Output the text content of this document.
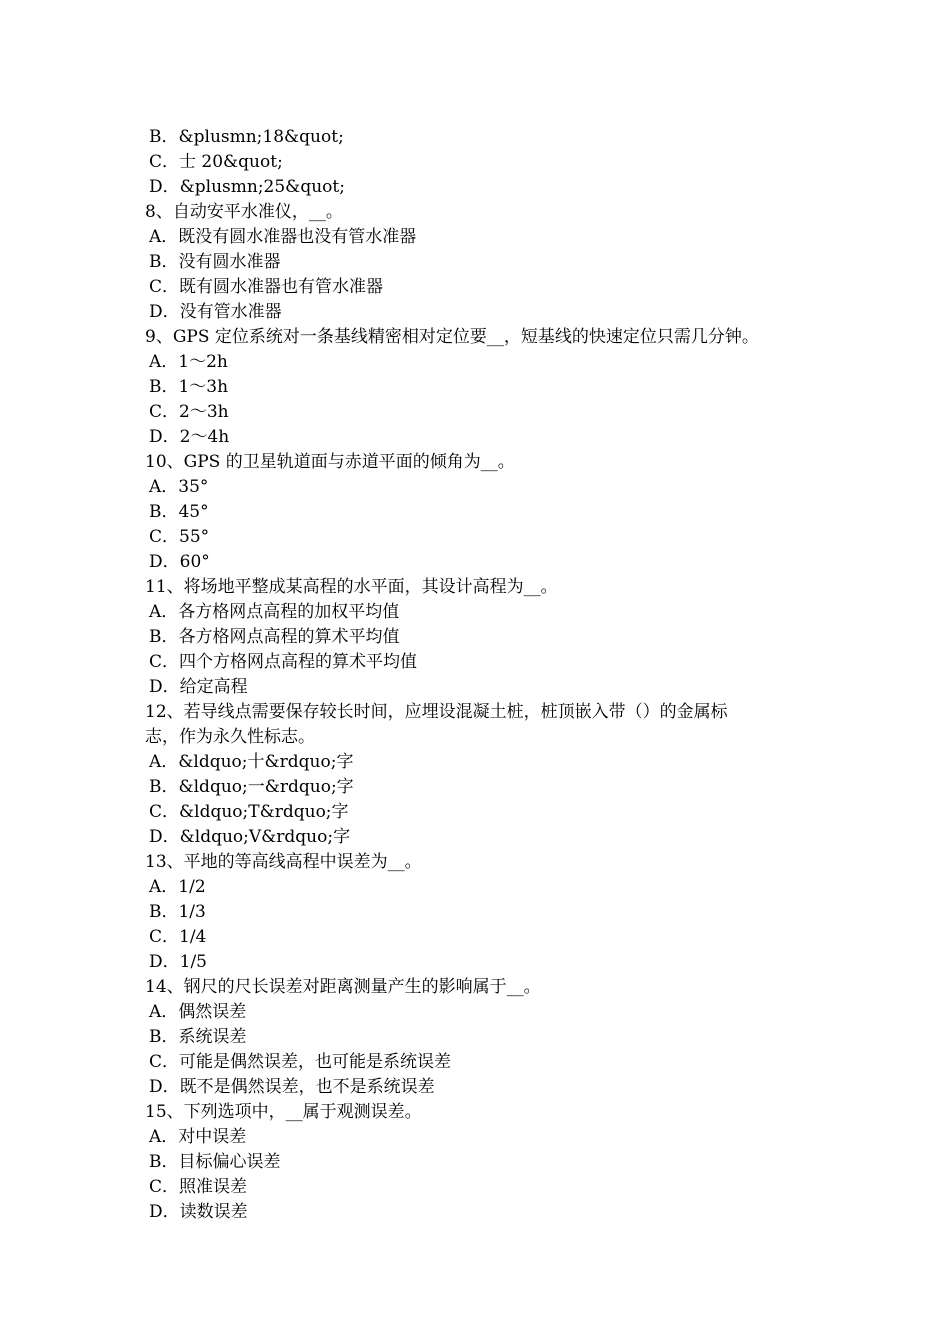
B．&plusmn;18&quot;
C．士 20&quot;
D．&plusmn;25&quot;
8、自动安平水准仪，__。
A．既没有圆水准器也没有管水准器
B．没有圆水准器
C．既有圆水准器也有管水准器
D．没有管水准器
9、GPS 定位系统对一条基线精密相对定位要__，短基线的快速定位只需几分钟。
A．1～2h
B．1～3h
C．2～3h
D．2～4h
10、GPS 的卫星轨道面与赤道平面的倾角为__。
A．35°
B．45°
C．55°
D．60°
11、将场地平整成某高程的水平面，其设计高程为__。
A．各方格网点高程的加权平均值
B．各方格网点高程的算术平均值
C．四个方格网点高程的算术平均值
D．给定高程
12、若导线点需要保存较长时间，应埋设混凝土桩，桩顶嵌入带（）的金属标
志，作为永久性标志。
A．&ldquo;十&rdquo;字
B．&ldquo;一&rdquo;字
C．&ldquo;T&rdquo;字
D．&ldquo;V&rdquo;字
13、平地的等高线高程中误差为__。
A．1/2
B．1/3
C．1/4
D．1/5
14、钢尺的尺长误差对距离测量产生的影响属于__。
A．偶然误差
B．系统误差
C．可能是偶然误差，也可能是系统误差
D．既不是偶然误差，也不是系统误差
15、下列选项中，__属于观测误差。
A．对中误差
B．目标偏心误差
C．照准误差
D．读数误差
